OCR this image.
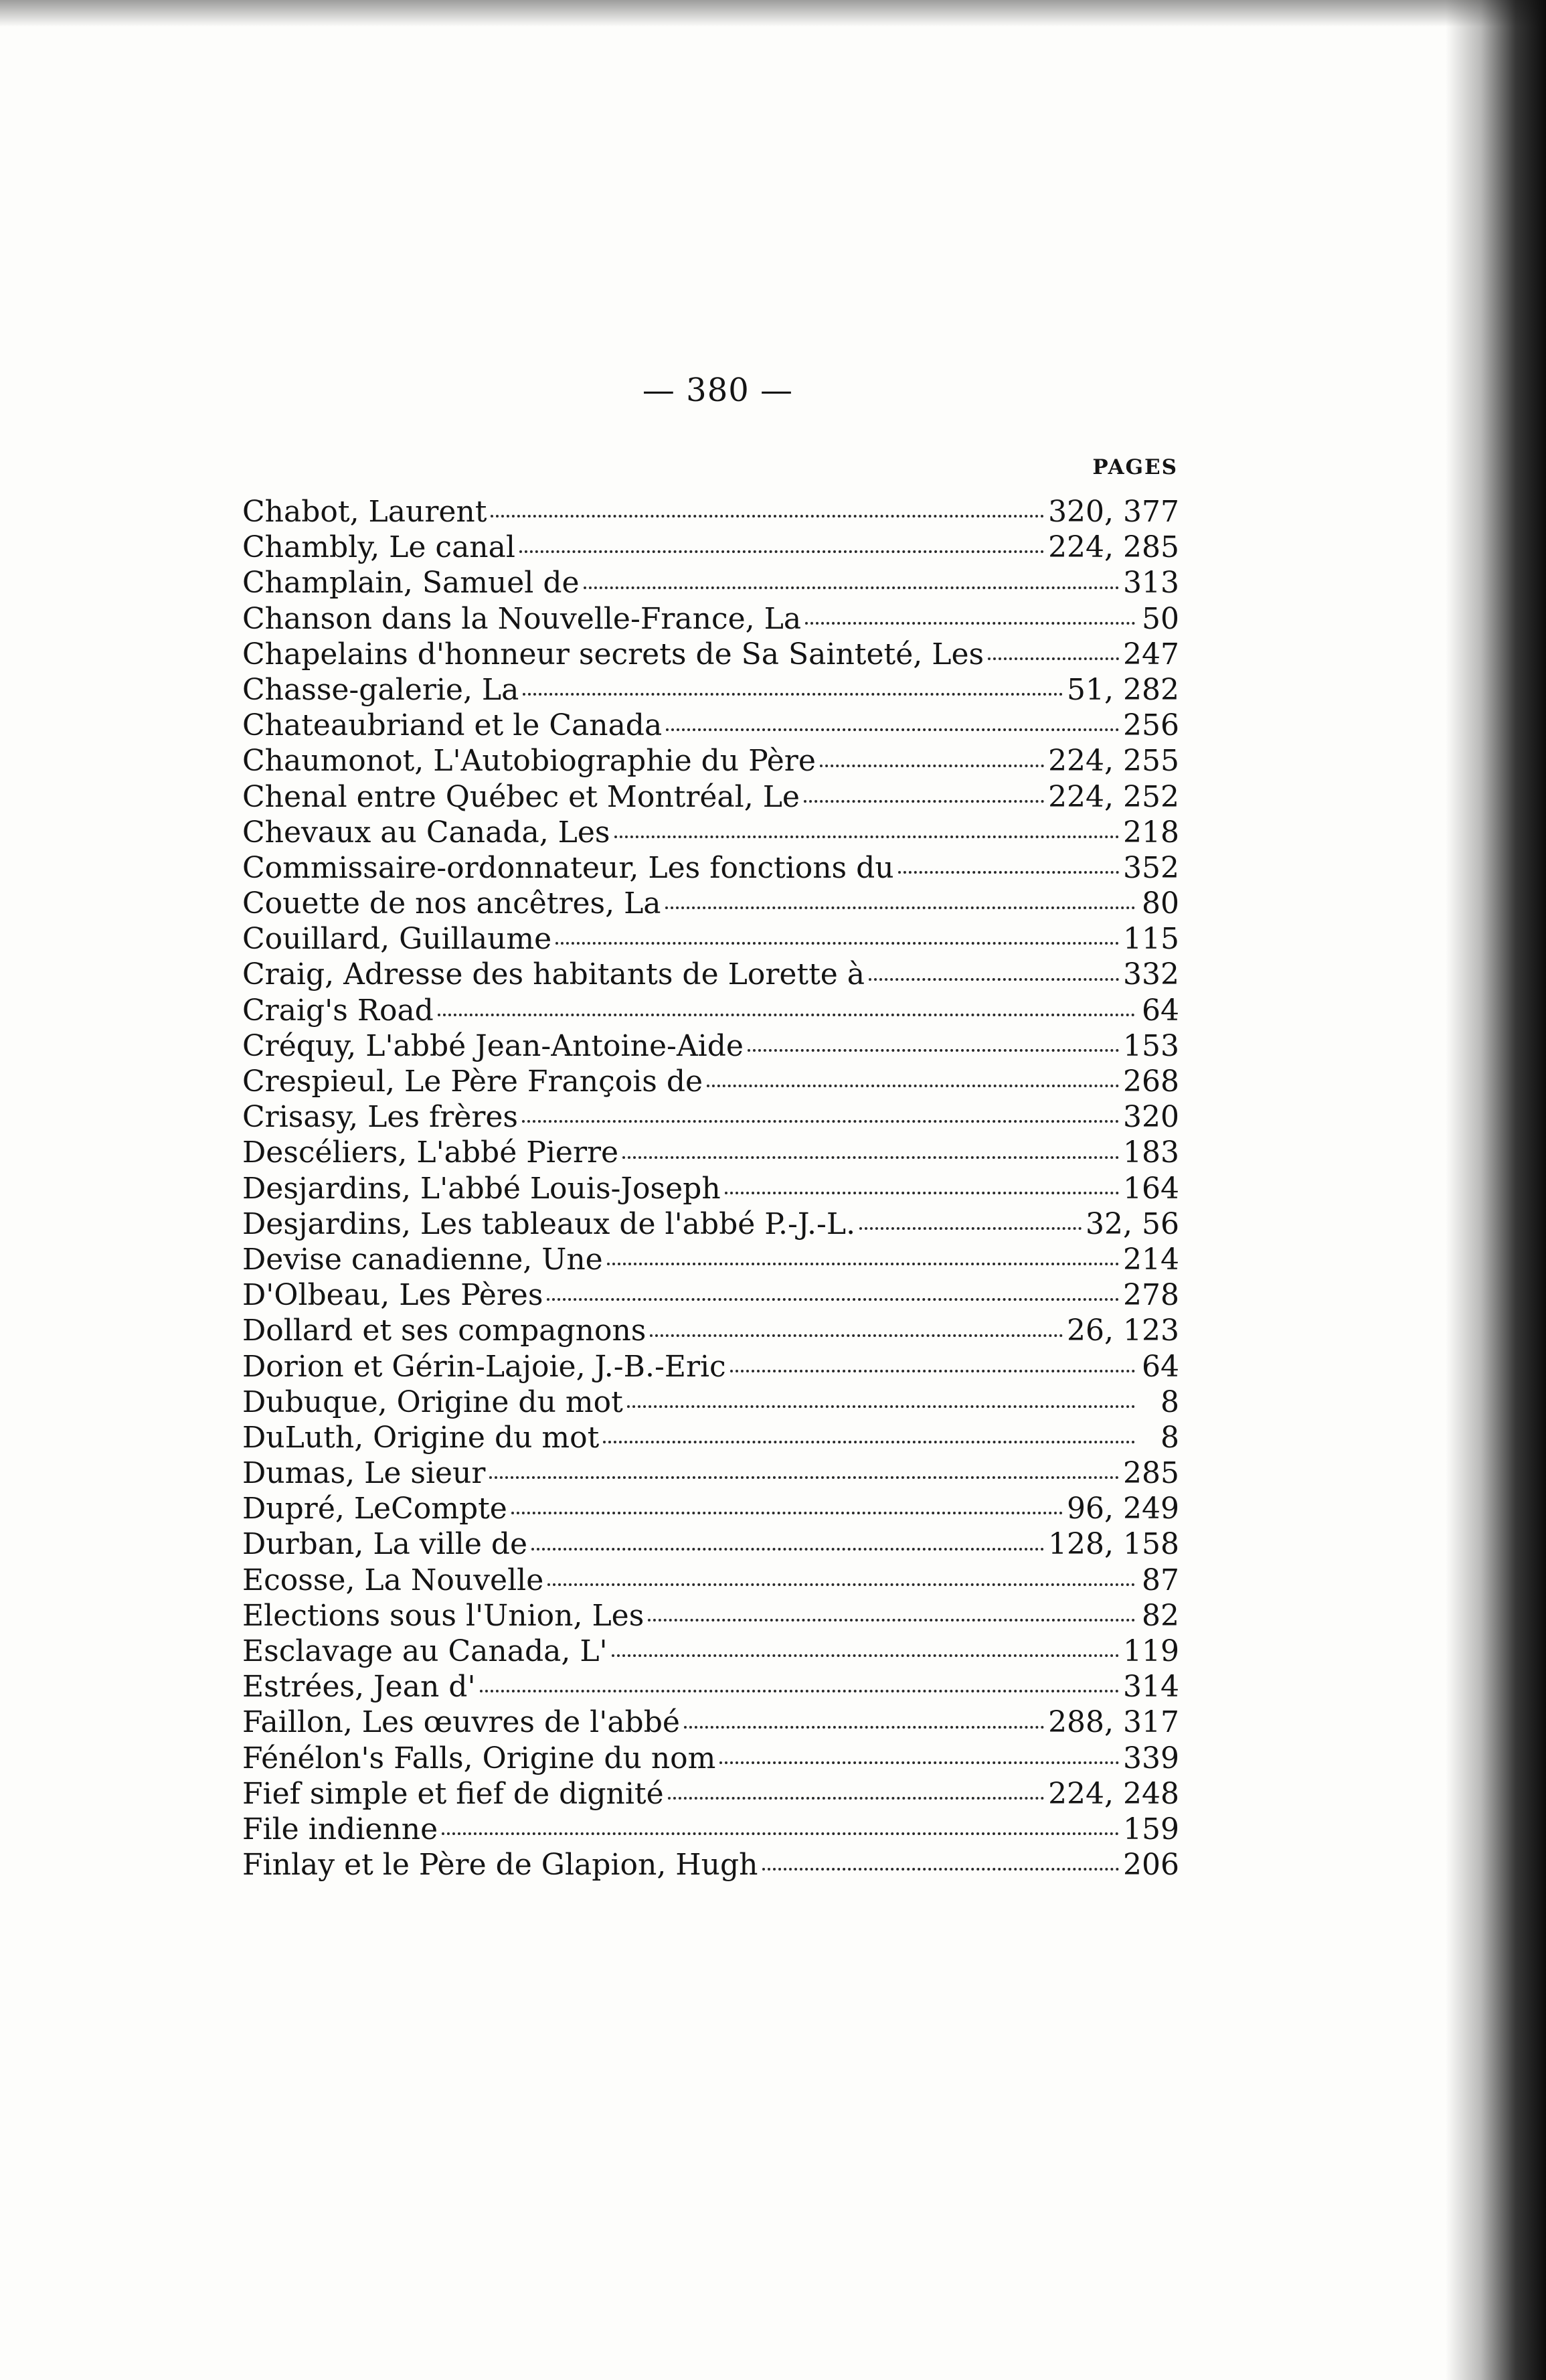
— 380 —
PAGES
Chabot, Laurent	320, 377
Chambly, Le canal	224, 285
Champlain, Samuel de	313
Chanson dans la Nouvelle-France, La	50
Chapelains d'honneur secrets de Sa Sainteté, Les	247
Chasse-galerie, La	51, 282
Chateaubriand et le Canada	256
Chaumonot, L'Autobiographie du Père	224, 255
Chenal entre Québec et Montréal, Le	224, 252
Chevaux au Canada, Les	218
Commissaire-ordonnateur, Les fonctions du	352
Couette de nos ancêtres, La	80
Couillard, Guillaume	115
Craig, Adresse des habitants de Lorette à	332
Craig's Road	64
Créquy, L'abbé Jean-Antoine-Aide	153
Crespieul, Le Père François de	268
Crisasy, Les frères	320
Descéliers, L'abbé Pierre	183
Desjardins, L'abbé Louis-Joseph	164
Desjardins, Les tableaux de l'abbé P.-J.-L.	32, 56
Devise canadienne, Une	214
D'Olbeau, Les Pères	278
Dollard et ses compagnons	26, 123
Dorion et Gérin-Lajoie, J.-B.-Eric	64
Dubuque, Origine du mot	8
DuLuth, Origine du mot	8
Dumas, Le sieur	285
Dupré, LeCompte	96, 249
Durban, La ville de	128, 158
Ecosse, La Nouvelle	87
Elections sous l'Union, Les	82
Esclavage au Canada, L'	119
Estrées, Jean d'	314
Faillon, Les œuvres de l'abbé	288, 317
Fénélon's Falls, Origine du nom	339
Fief simple et fief de dignité	224, 248
File indienne	159
Finlay et le Père de Glapion, Hugh	206
